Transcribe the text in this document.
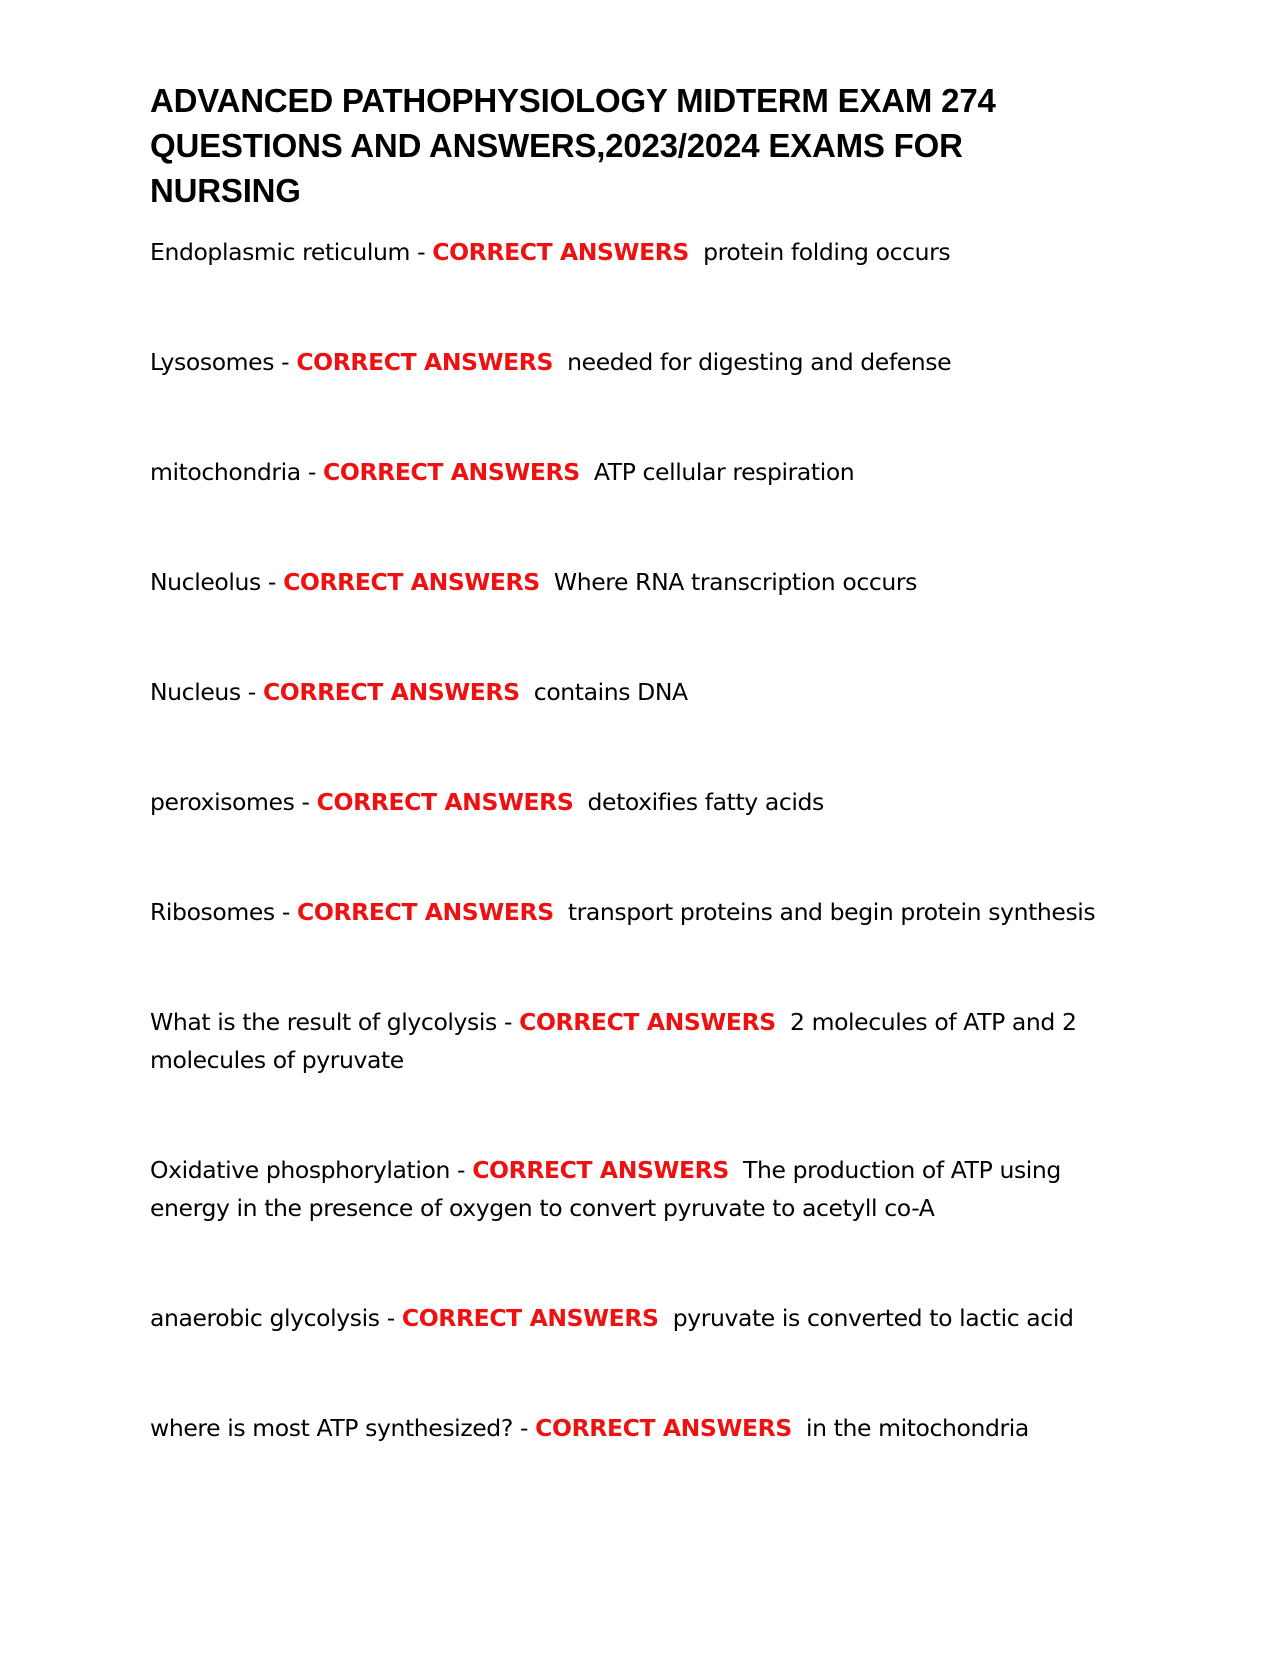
ADVANCED PATHOPHYSIOLOGY MIDTERM EXAM 274
QUESTIONS AND ANSWERS,2023/2024 EXAMS FOR
NURSING
Endoplasmic reticulum - CORRECT ANSWERS protein folding occurs
Lysosomes - CORRECT ANSWERS needed for digesting and defense
mitochondria - CORRECT ANSWERS ATP cellular respiration
Nucleolus - CORRECT ANSWERS Where RNA transcription occurs
Nucleus - CORRECT ANSWERS contains DNA
peroxisomes - CORRECT ANSWERS detoxifies fatty acids
Ribosomes - CORRECT ANSWERS transport proteins and begin protein synthesis
What is the result of glycolysis - CORRECT ANSWERS 2 molecules of ATP and 2 molecules of pyruvate
Oxidative phosphorylation - CORRECT ANSWERS The production of ATP using energy in the presence of oxygen to convert pyruvate to acetyll co-A
anaerobic glycolysis - CORRECT ANSWERS pyruvate is converted to lactic acid
where is most ATP synthesized? - CORRECT ANSWERS in the mitochondria
